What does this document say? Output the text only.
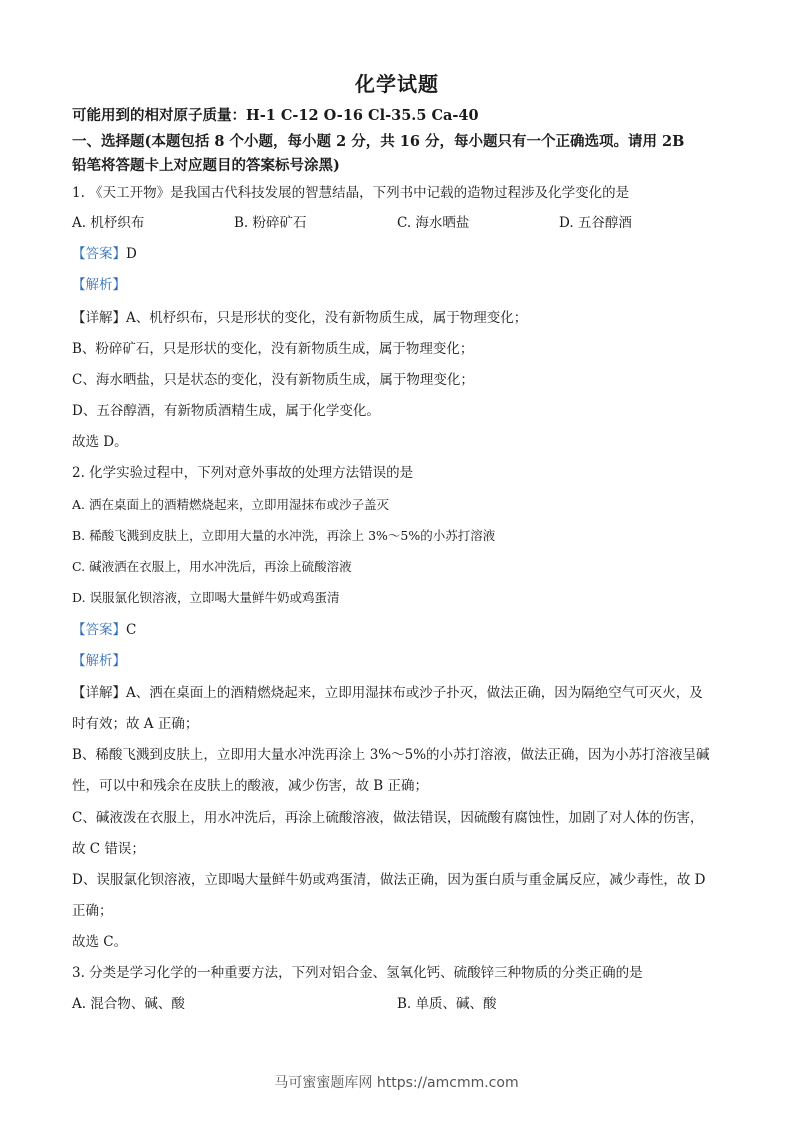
化学试题
可能用到的相对原子质量：H-1 C-12 O-16 Cl-35.5 Ca-40
一、选择题(本题包括 8 个小题，每小题 2 分，共 16 分，每小题只有一个正确选项。请用 2B
铅笔将答题卡上对应题目的答案标号涂黑)
1. 《天工开物》是我国古代科技发展的智慧结晶，下列书中记载的造物过程涉及化学变化的是
A. 机杼织布	B. 粉碎矿石	C. 海水晒盐	D. 五谷醇酒
【答案】D
【解析】
【详解】A、机杼织布，只是形状的变化，没有新物质生成，属于物理变化；
B、粉碎矿石，只是形状的变化，没有新物质生成，属于物理变化；
C、海水晒盐，只是状态的变化，没有新物质生成，属于物理变化；
D、五谷醇酒，有新物质酒精生成，属于化学变化。
故选 D。
2. 化学实验过程中，下列对意外事故的处理方法错误的是
A. 洒在桌面上的酒精燃烧起来，立即用湿抹布或沙子盖灭
B. 稀酸飞溅到皮肤上，立即用大量的水冲洗，再涂上 3%～5%的小苏打溶液
C. 碱液洒在衣服上，用水冲洗后，再涂上硫酸溶液
D. 误服氯化钡溶液，立即喝大量鲜牛奶或鸡蛋清
【答案】C
【解析】
【详解】A、洒在桌面上的酒精燃烧起来，立即用湿抹布或沙子扑灭，做法正确，因为隔绝空气可灭火，及
时有效；故 A 正确；
B、稀酸飞溅到皮肤上，立即用大量水冲洗再涂上 3%～5%的小苏打溶液，做法正确，因为小苏打溶液呈碱
性，可以中和残余在皮肤上的酸液，减少伤害，故 B 正确；
C、碱液泼在衣服上，用水冲洗后，再涂上硫酸溶液，做法错误，因硫酸有腐蚀性，加剧了对人体的伤害，
故 C 错误；
D、误服氯化钡溶液，立即喝大量鲜牛奶或鸡蛋清，做法正确，因为蛋白质与重金属反应，减少毒性，故 D
正确；
故选 C。
3. 分类是学习化学的一种重要方法，下列对铝合金、氢氧化钙、硫酸锌三种物质的分类正确的是
A. 混合物、碱、酸	B. 单质、碱、酸
马可蜜蜜题库网 https://amcmm.com
